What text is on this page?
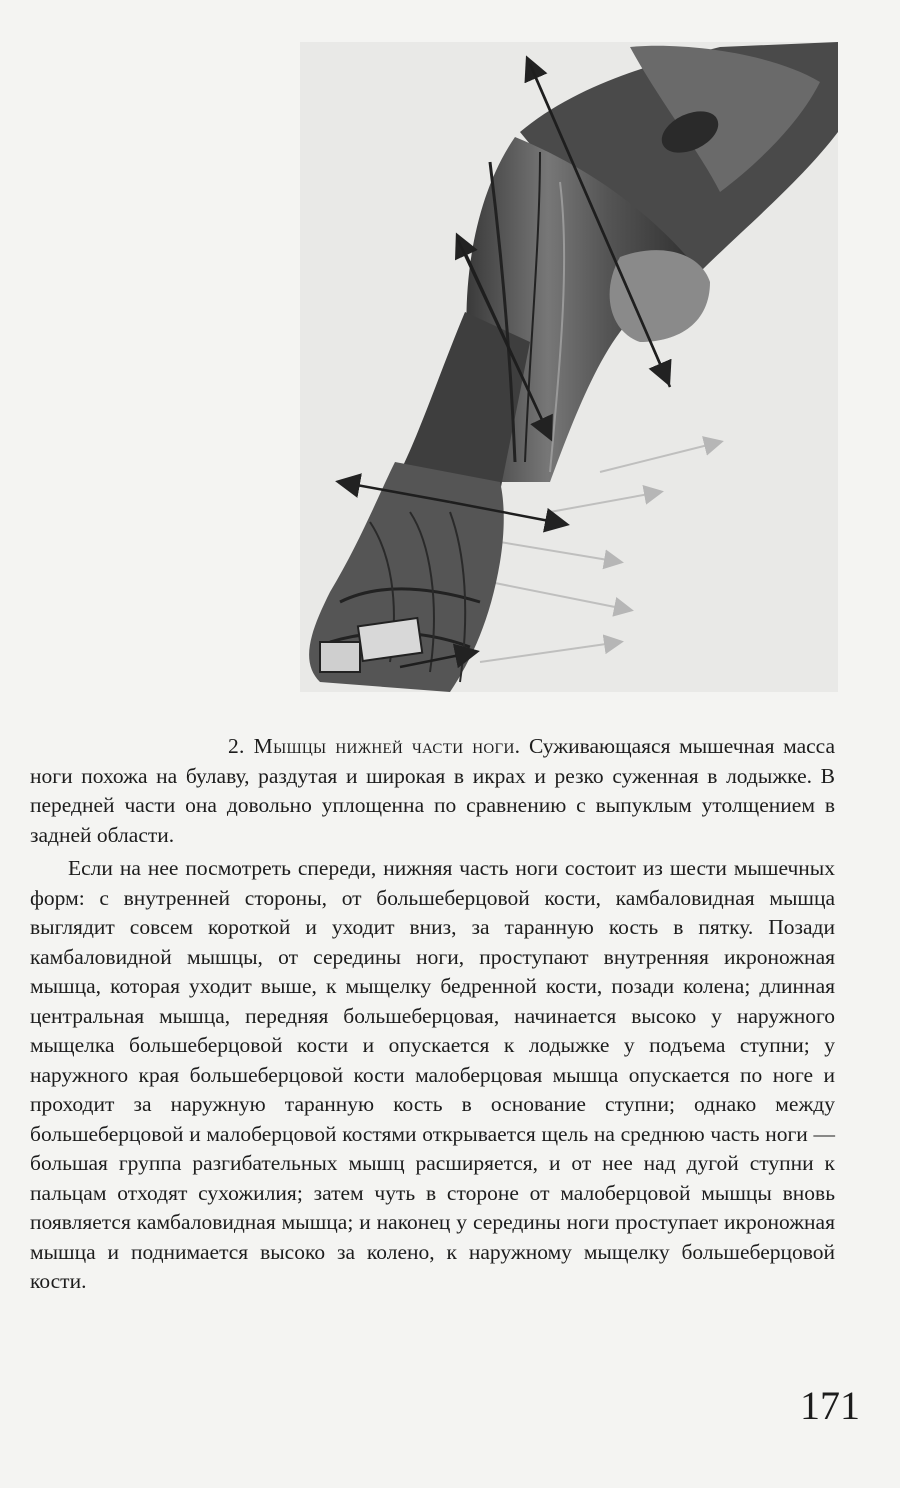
2. Мышцы нижней части ноги. Суживающаяся мышечная масса ноги похожа на булаву, раздутая и широкая в икрах и резко суженная в лодыжке. В передней части она довольно уплощенна по сравнению с выпуклым утолщением в задней области.

Если на нее посмотреть спереди, нижняя часть ноги состоит из шести мышечных форм: с внутренней стороны, от большеберцовой кости, камбаловидная мышца выглядит совсем короткой и уходит вниз, за таранную кость в пятку. Позади камбаловидной мышцы, от середины ноги, проступают внутренняя икроножная мышца, которая уходит выше, к мыщелку бедренной кости, позади колена; длинная центральная мышца, передняя большеберцовая, начинается высоко у наружного мыщелка большеберцовой кости и опускается к лодыжке у подъема ступни; у наружного края большеберцовой кости малоберцовая мышца опускается по ноге и проходит за наружную таранную кость в основание ступни; однако между большеберцовой и малоберцовой костями открывается щель на среднюю часть ноги — большая группа разгибательных мышц расширяется, и от нее над дугой ступни к пальцам отходят сухожилия; затем чуть в стороне от малоберцовой мышцы вновь появляется камбаловидная мышца; и наконец у середины ноги проступает икроножная мышца и поднимается высоко за колено, к наружному мыщелку большеберцовой кости.

171
